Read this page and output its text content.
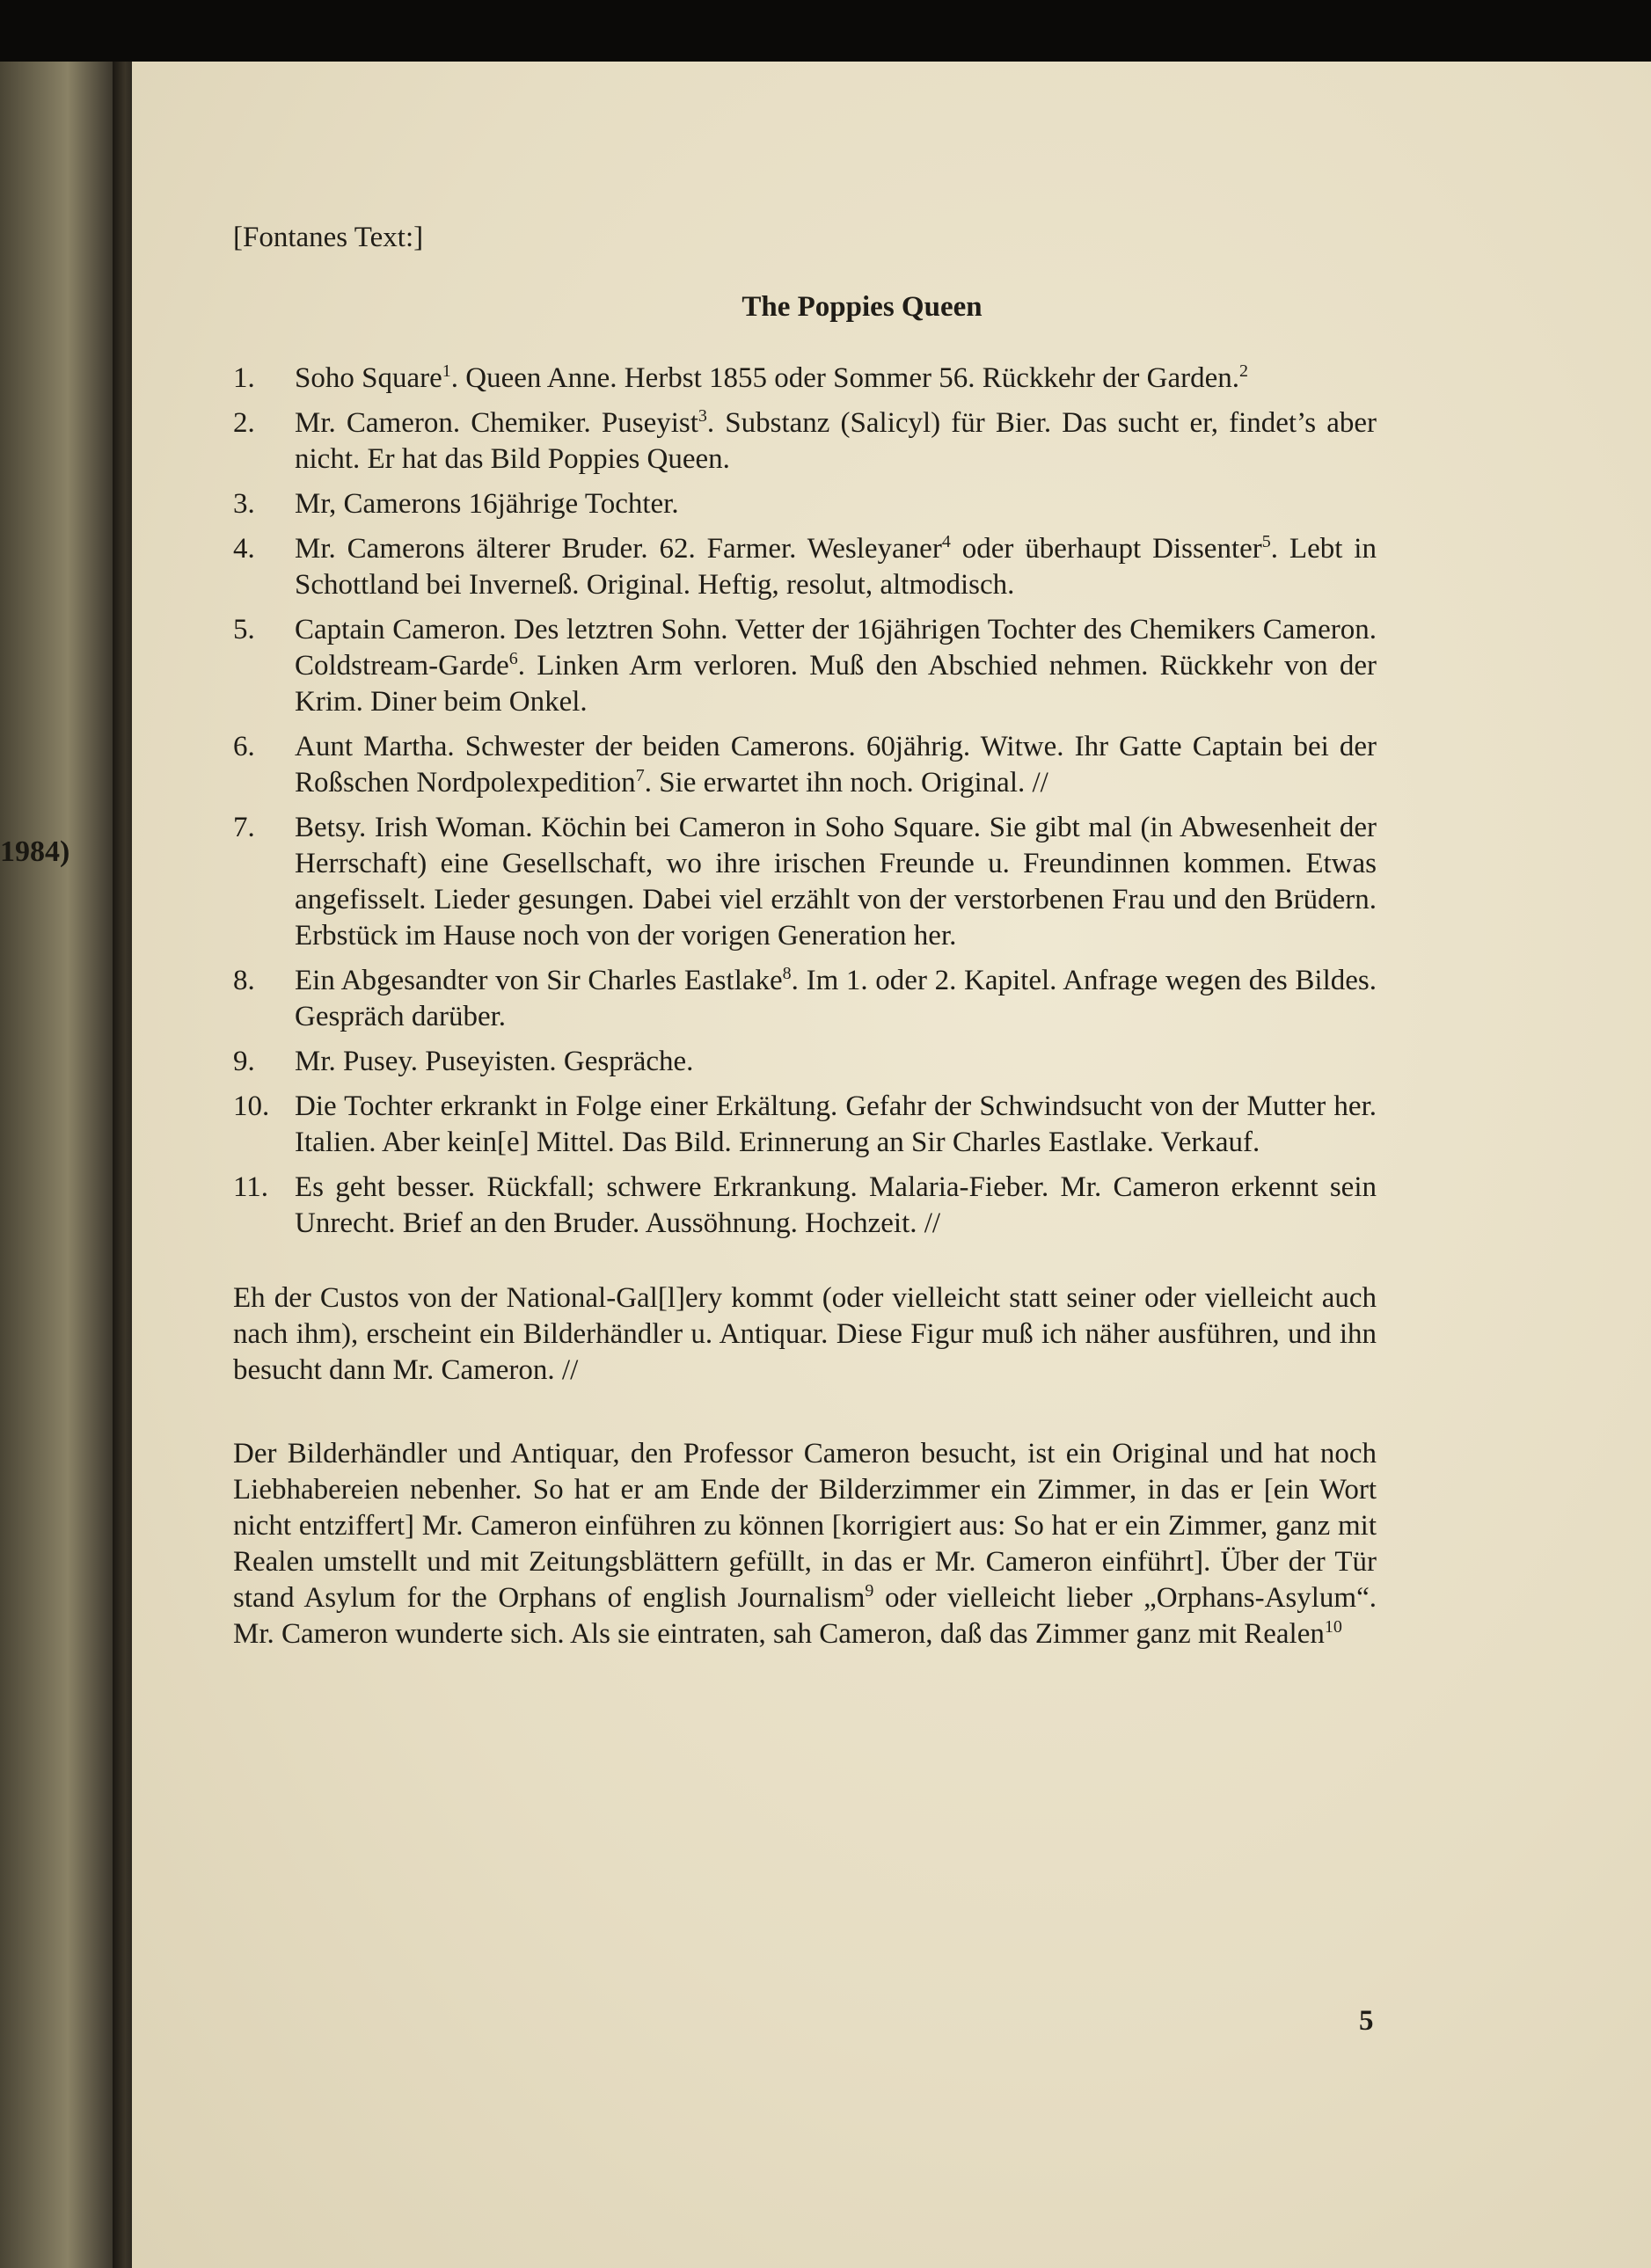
1984)
[Fontanes Text:]
The Poppies Queen
1.	Soho Square$^1$. Queen Anne. Herbst 1855 oder Sommer 56. Rückkehr der Garden.$^2$
2.	Mr. Cameron. Chemiker. Puseyist$^3$. Substanz (Salicyl) für Bier. Das sucht er, findet’s aber nicht. Er hat das Bild Poppies Queen.
3.	Mr, Camerons 16jährige Tochter.
4.	Mr. Camerons älterer Bruder. 62. Farmer. Wesleyaner$^4$ oder überhaupt Dissenter$^5$. Lebt in Schottland bei Inverneß. Original. Heftig, resolut, altmodisch.
5.	Captain Cameron. Des letztren Sohn. Vetter der 16jährigen Tochter des Chemikers Cameron. Coldstream-Garde$^6$. Linken Arm verloren. Muß den Abschied nehmen. Rückkehr von der Krim. Diner beim Onkel.
6.	Aunt Martha. Schwester der beiden Camerons. 60jährig. Witwe. Ihr Gatte Captain bei der Roßschen Nordpolexpedition$^7$. Sie erwartet ihn noch. Original. //
7.	Betsy. Irish Woman. Köchin bei Cameron in Soho Square. Sie gibt mal (in Abwesenheit der Herrschaft) eine Gesellschaft, wo ihre irischen Freunde u. Freundinnen kommen. Etwas angefisselt. Lieder gesungen. Dabei viel erzählt von der verstorbenen Frau und den Brüdern. Erbstück im Hause noch von der vorigen Generation her.
8.	Ein Abgesandter von Sir Charles Eastlake$^8$. Im 1. oder 2. Kapitel. Anfrage wegen des Bildes. Gespräch darüber.
9.	Mr. Pusey. Puseyisten. Gespräche.
10. Die Tochter erkrankt in Folge einer Erkältung. Gefahr der Schwindsucht von der Mutter her. Italien. Aber kein[e] Mittel. Das Bild. Erinnerung an Sir Charles Eastlake. Verkauf.
11. Es geht besser. Rückfall; schwere Erkrankung. Malaria-Fieber. Mr. Cameron erkennt sein Unrecht. Brief an den Bruder. Aussöhnung. Hochzeit. //
Eh der Custos von der National-Gal[l]ery kommt (oder vielleicht statt seiner oder vielleicht auch nach ihm), erscheint ein Bilderhändler u. Antiquar. Diese Figur muß ich näher ausführen, und ihn besucht dann Mr. Cameron. //
Der Bilderhändler und Antiquar, den Professor Cameron besucht, ist ein Original und hat noch Liebhabereien nebenher. So hat er am Ende der Bilderzimmer ein Zimmer, in das er [ein Wort nicht entziffert] Mr. Cameron einführen zu können [korrigiert aus: So hat er ein Zimmer, ganz mit Realen umstellt und mit Zeitungsblättern gefüllt, in das er Mr. Cameron einführt]. Über der Tür stand Asylum for the Orphans of english Journalism$^9$ oder vielleicht lieber „Orphans-Asylum“. Mr. Cameron wunderte sich. Als sie eintraten, sah Cameron, daß das Zimmer ganz mit Realen$^{10}$
5
